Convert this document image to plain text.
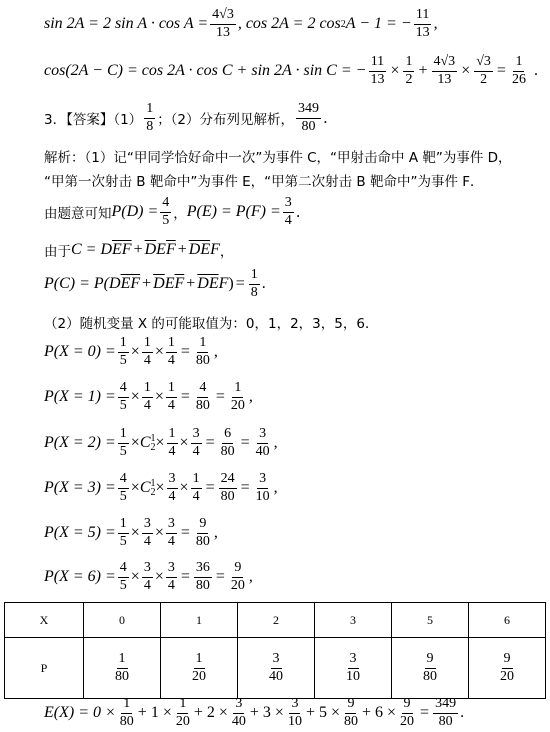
sin 2A = 2 $\sin A \cdot \cos A = \frac{4√3}{13}$ , cos 2A = 2 cos 2 A − 1 = − $\frac{11}{13}$ ,
cos(2A − C) = cos 2A · cos C + sin 2A · sin C = − $\frac{11}{13} \times \frac{1}{2} + \frac{4√3}{13} \times \frac{√3}{2} = \frac{1}{26}$ .
3．【答案】$(1) \frac{1}{8}$ ；（2）分布列见解析， $\frac{349}{80}$ .
解析：（1）记“甲同学恰好命中一次”为事件 C，“甲射击命中 A 靶”为事件 D，
“甲第一次射击 B 靶命中”为事件 E，“甲第二次射击 B 靶命中”为事件 F．
由题意可知 $P(D) = \frac{4}{5}$ ， $P(E) = P(F) = \frac{3}{4}$ .
由于 C = D $\overline{EF} + \overline{D}$ E $\overline{F} + \overline{DE}$ F ，
P(C) = P(D $\overline{EF} + \overline{D}$ E $\overline{F} + \overline{DE}$ F ) = $\frac{1}{8}$ .
（2）随机变量 X 的可能取值为：0，1，2，3，5，6．
$P(X = 0) = \frac{1}{5} \times \frac{1}{4} \times \frac{1}{4} = \frac{1}{80}$ ,
$P(X = 1) = \frac{4}{5} \times \frac{1}{4} \times \frac{1}{4} = \frac{4}{80} = \frac{1}{20}$ ,
$P(X = 2) = \frac{1}{5} \times C$ 1
$2 \times \frac{1}{4} \times \frac{3}{4} = \frac{6}{80} = \frac{3}{40}$ ,
$P(X = 3) = \frac{4}{5} \times C$ 1
$2 \times \frac{3}{4} \times \frac{1}{4} = \frac{24}{80} = \frac{3}{10}$ ,
$P(X = 5) = \frac{1}{5} \times \frac{3}{4} \times \frac{3}{4} = \frac{9}{80}$ ,
$P(X = 6) = \frac{4}{5} \times \frac{3}{4} \times \frac{3}{4} = \frac{36}{80} = \frac{9}{20}$ ,
X	0	1	2	3	5	6
P	$\frac{1}{80}$	$\frac{1}{20}$	$\frac{3}{40}$	$\frac{3}{10}$	$\frac{9}{80}$	$\frac{9}{20}$
$E(X) = 0 \times \frac{1}{80} + 1 \times \frac{1}{20} + 2 \times \frac{3}{40} + 3 \times \frac{3}{10} + 5 \times \frac{9}{80} + 6 \times \frac{9}{20} = \frac{349}{80}$ .
